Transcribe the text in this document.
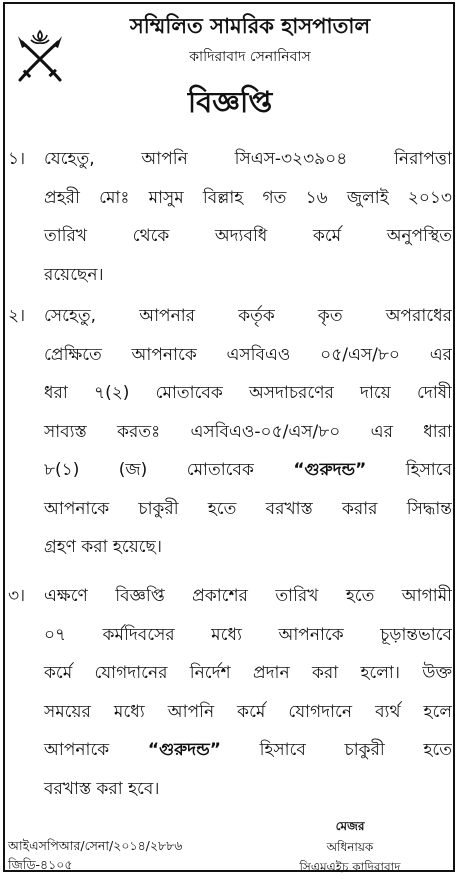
সম্মিলিত সামরিক হাসপাতাল
কাদিরাবাদ সেনানিবাস
বিজ্ঞপ্তি
১। যেহেতু, আপনি সিএস-৩২৩৯০৪ নিরাপত্তা
প্রহরী মোঃ মাসুম বিল্লাহ গত ১৬ জুলাই ২০১৩
তারিখ থেকে অদ্যবধি কর্মে অনুপস্থিত
রয়েছেন।
২। সেহেতু, আপনার কর্তৃক কৃত অপরাধের
প্রেক্ষিতে আপনাকে এসবিএও ০৫/এস/৮০ এর
ধরা ৭(২) মোতাবেক অসদাচরণের দায়ে দোষী
সাব্যস্ত করতঃ এসবিএও-০৫/এস/৮০ এর ধারা
৮(১) (জ) মোতাবেক “গুরুদন্ড” হিসাবে
আপনাকে চাকুরী হতে বরখাস্ত করার সিদ্ধান্ত
গ্রহণ করা হয়েছে।
৩। এক্ষণে বিজ্ঞপ্তি প্রকাশের তারিখ হতে আগামী
০৭ কর্মদিবসের মধ্যে আপনাকে চূড়ান্তভাবে
কর্মে যোগদানের নির্দেশ প্রদান করা হলো। উক্ত
সময়ের মধ্যে আপনি কর্মে যোগদানে ব্যর্থ হলে
আপনাকে “গুরুদন্ড” হিসাবে চাকুরী হতে
বরখাস্ত করা হবে।
আইএসপিআর/সেনা/২০১৪/২৮৮৬
জিডি-৪১০৫
মেজর
অধিনায়ক
সিএমএইচ কাদিরাবাদ
